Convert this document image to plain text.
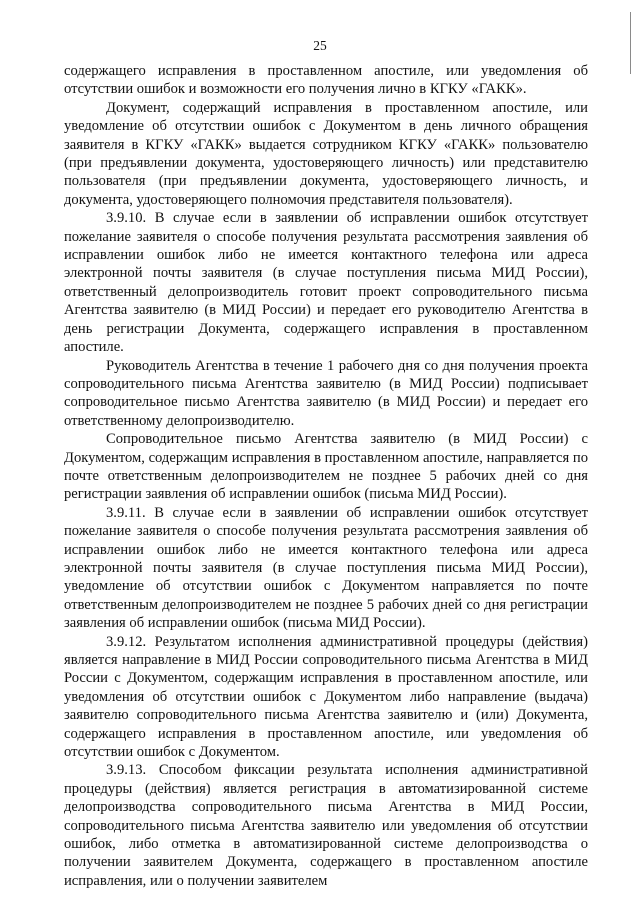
25

содержащего исправления в проставленном апостиле, или уведомления об отсутствии ошибок и возможности его получения лично в КГКУ «ГАКК».

Документ, содержащий исправления в проставленном апостиле, или уведомление об отсутствии ошибок с Документом в день личного обращения заявителя в КГКУ «ГАКК» выдается сотрудником КГКУ «ГАКК» пользователю (при предъявлении документа, удостоверяющего личность) или представителю пользователя (при предъявлении документа, удостоверяющего личность, и документа, удостоверяющего полномочия представителя пользователя).

3.9.10. В случае если в заявлении об исправлении ошибок отсутствует пожелание заявителя о способе получения результата рассмотрения заявления об исправлении ошибок либо не имеется контактного телефона или адреса электронной почты заявителя (в случае поступления письма МИД России), ответственный делопроизводитель готовит проект сопроводительного письма Агентства заявителю (в МИД России) и передает его руководителю Агентства в день регистрации Документа, содержащего исправления в проставленном апостиле.

Руководитель Агентства в течение 1 рабочего дня со дня получения проекта сопроводительного письма Агентства заявителю (в МИД России) подписывает сопроводительное письмо Агентства заявителю (в МИД России) и передает его ответственному делопроизводителю.

Сопроводительное письмо Агентства заявителю (в МИД России) с Документом, содержащим исправления в проставленном апостиле, направляется по почте ответственным делопроизводителем не позднее 5 рабочих дней со дня регистрации заявления об исправлении ошибок (письма МИД России).

3.9.11. В случае если в заявлении об исправлении ошибок отсутствует пожелание заявителя о способе получения результата рассмотрения заявления об исправлении ошибок либо не имеется контактного телефона или адреса электронной почты заявителя (в случае поступления письма МИД России), уведомление об отсутствии ошибок с Документом направляется по почте ответственным делопроизводителем не позднее 5 рабочих дней со дня регистрации заявления об исправлении ошибок (письма МИД России).

3.9.12. Результатом исполнения административной процедуры (действия) является направление в МИД России сопроводительного письма Агентства в МИД России с Документом, содержащим исправления в проставленном апостиле, или уведомления об отсутствии ошибок с Документом либо направление (выдача) заявителю сопроводительного письма Агентства заявителю и (или) Документа, содержащего исправления в проставленном апостиле, или уведомления об отсутствии ошибок с Документом.

3.9.13. Способом фиксации результата исполнения административной процедуры (действия) является регистрация в автоматизированной системе делопроизводства сопроводительного письма Агентства в МИД России, сопроводительного письма Агентства заявителю или уведомления об отсутствии ошибок, либо отметка в автоматизированной системе делопроизводства о получении заявителем Документа, содержащего в проставленном апостиле исправления, или о получении заявителем
